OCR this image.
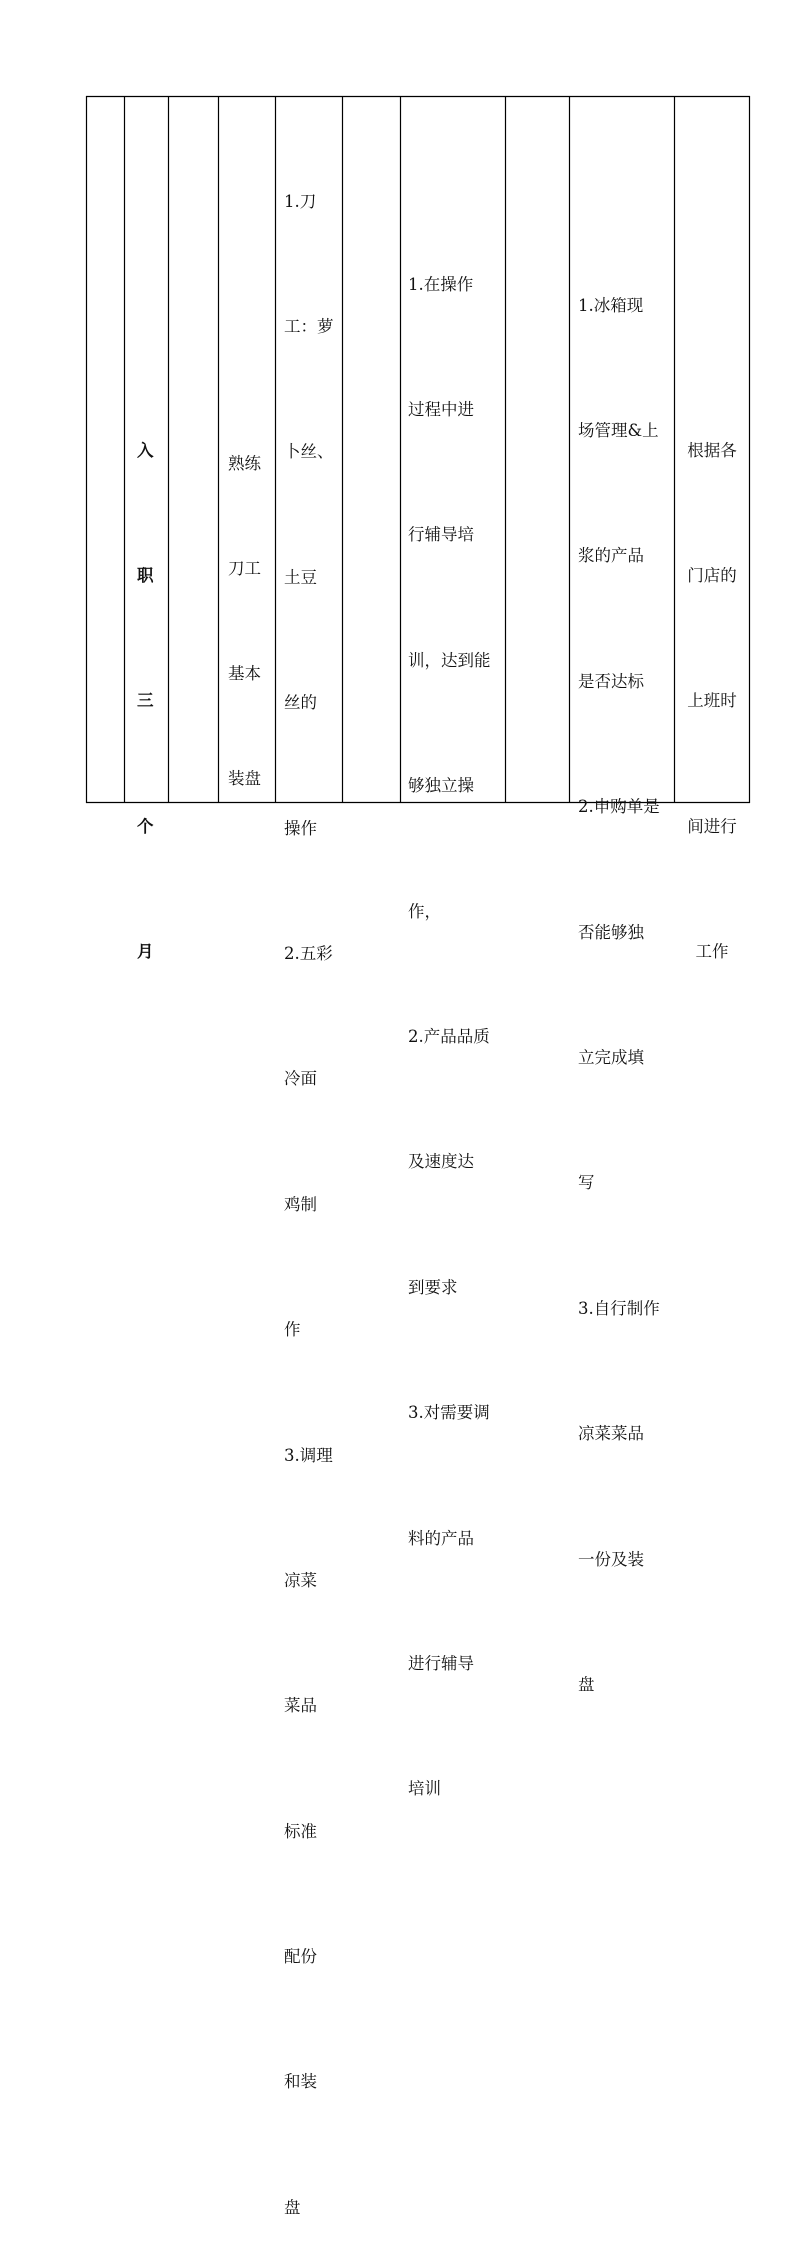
入

职

三

个

月

熟练

刀工

基本

装盘

1.刀

工：萝

卜丝、

土豆

丝的

操作

2.五彩

冷面

鸡制

作

3.调理

凉菜

菜品

标准

配份

和装

盘

1.在操作

过程中进

行辅导培

训，达到能

够独立操

作，

2.产品品质

及速度达

到要求

3.对需要调

料的产品

进行辅导

培训

1.冰箱现

场管理&上

浆的产品

是否达标

2.申购单是

否能够独

立完成填

写

3.自行制作

凉菜菜品

一份及装

盘

根据各

门店的

上班时

间进行

工作
